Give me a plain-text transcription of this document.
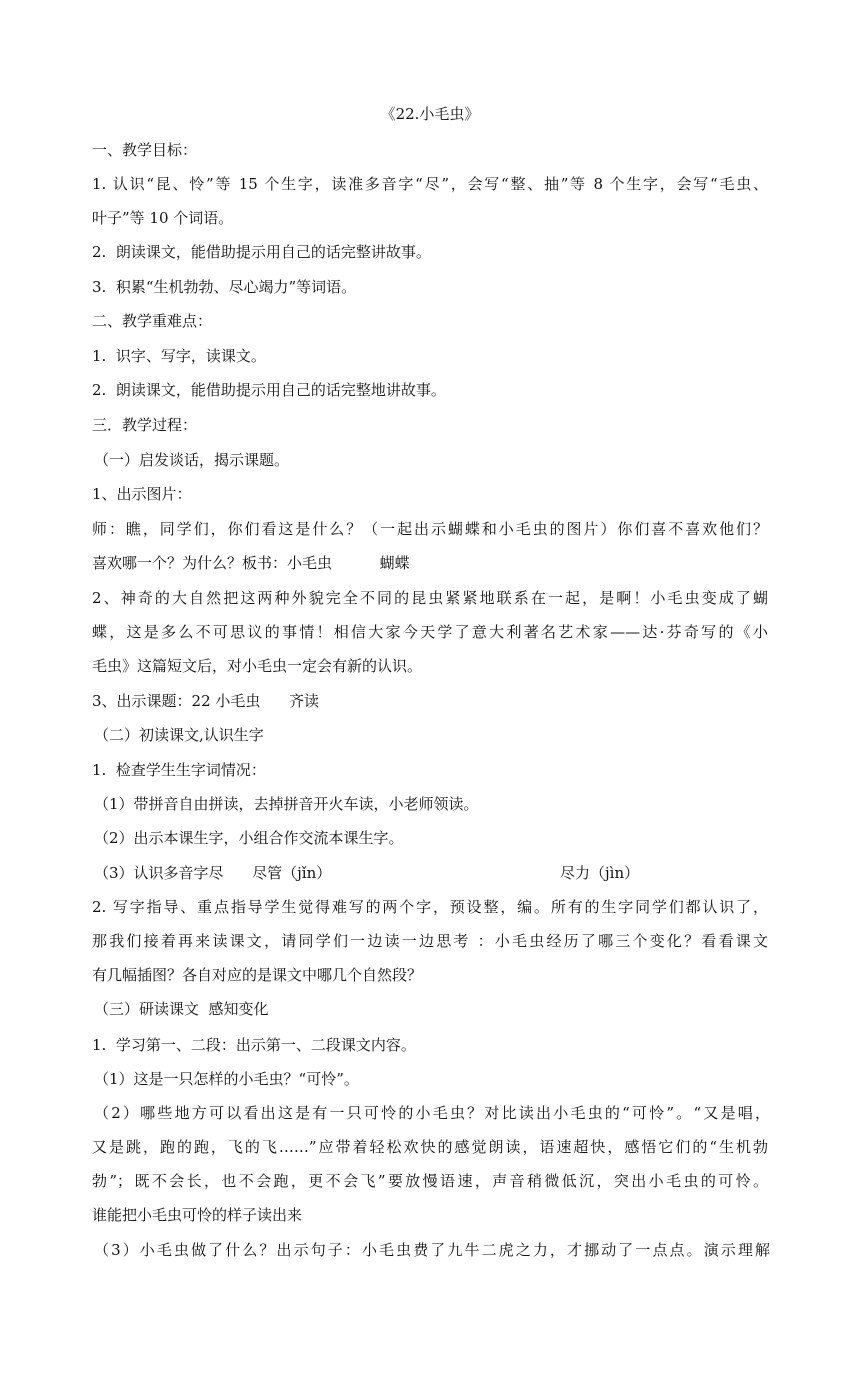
《22.小毛虫》
一、教学目标：
1. 认识“昆、怜”等 15 个生字，读准多音字“尽”，会写“整、抽”等 8 个生字，会写“毛虫、
叶子”等 10 个词语。
2.  朗读课文，能借助提示用自己的话完整讲故事。
3.  积累“生机勃勃、尽心竭力”等词语。
二、教学重难点：
1.  识字、写字，读课文。
2.  朗读课文，能借助提示用自己的话完整地讲故事。
三．教学过程：
（一）启发谈话，揭示课题。
1、出示图片：
师：瞧，同学们，你们看这是什么？（一起出示蝴蝶和小毛虫的图片）你们喜不喜欢他们？
喜欢哪一个？为什么？板书：小毛虫          蝴蝶
2、神奇的大自然把这两种外貌完全不同的昆虫紧紧地联系在一起，是啊！小毛虫变成了蝴
蝶，这是多么不可思议的事情！相信大家今天学了意大利著名艺术家——达·芬奇写的《小
毛虫》这篇短文后，对小毛虫一定会有新的认识。
3、出示课题：22 小毛虫      齐读
（二）初读课文,认识生字
1.  检查学生生字词情况：
（1）带拼音自由拼读，去掉拼音开火车读，小老师领读。
（2）出示本课生字，小组合作交流本课生字。
（3）认识多音字尽      尽管（jǐn）	尽力（jìn）
2. 写字指导、重点指导学生觉得难写的两个字，预设整，编。所有的生字同学们都认识了，
那我们接着再来读课文，请同学们一边读一边思考 ：小毛虫经历了哪三个变化？看看课文
有几幅插图？各自对应的是课文中哪几个自然段？
（三）研读课文  感知变化
1.  学习第一、二段：出示第一、二段课文内容。
（1）这是一只怎样的小毛虫？“可怜”。
（2）哪些地方可以看出这是有一只可怜的小毛虫？对比读出小毛虫的“可怜”。“又是唱，
又是跳，跑的跑，飞的飞……”应带着轻松欢快的感觉朗读，语速超快，感悟它们的“生机勃
勃”；既不会长，也不会跑，更不会飞”要放慢语速，声音稍微低沉，突出小毛虫的可怜。
谁能把小毛虫可怜的样子读出来
（3）小毛虫做了什么？出示句子：小毛虫费了九牛二虎之力，才挪动了一点点。演示理解
